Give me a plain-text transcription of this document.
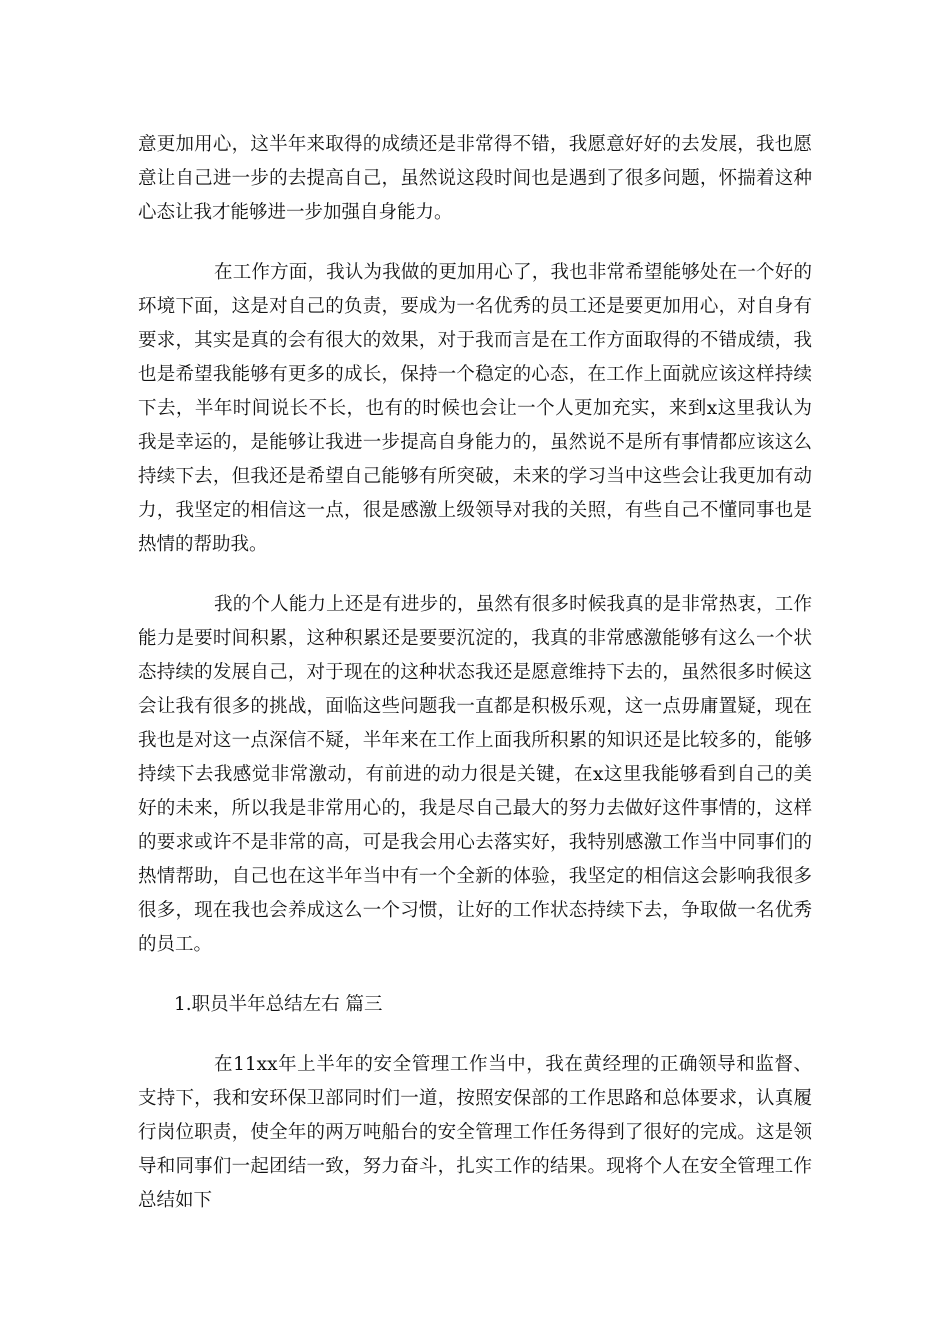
意更加用心，这半年来取得的成绩还是非常得不错，我愿意好好的去发展，我也愿意让自己进一步的去提高自己，虽然说这段时间也是遇到了很多问题，怀揣着这种心态让我才能够进一步加强自身能力。

在工作方面，我认为我做的更加用心了，我也非常希望能够处在一个好的环境下面，这是对自己的负责，要成为一名优秀的员工还是要更加用心，对自身有要求，其实是真的会有很大的效果，对于我而言是在工作方面取得的不错成绩，我也是希望我能够有更多的成长，保持一个稳定的心态，在工作上面就应该这样持续下去，半年时间说长不长，也有的时候也会让一个人更加充实，来到x这里我认为我是幸运的，是能够让我进一步提高自身能力的，虽然说不是所有事情都应该这么持续下去，但我还是希望自己能够有所突破，未来的学习当中这些会让我更加有动力，我坚定的相信这一点，很是感激上级领导对我的关照，有些自己不懂同事也是热情的帮助我。

我的个人能力上还是有进步的，虽然有很多时候我真的是非常热衷，工作能力是要时间积累，这种积累还是要要沉淀的，我真的非常感激能够有这么一个状态持续的发展自己，对于现在的这种状态我还是愿意维持下去的，虽然很多时候这会让我有很多的挑战，面临这些问题我一直都是积极乐观，这一点毋庸置疑，现在我也是对这一点深信不疑，半年来在工作上面我所积累的知识还是比较多的，能够持续下去我感觉非常激动，有前进的动力很是关键，在x这里我能够看到自己的美好的未来，所以我是非常用心的，我是尽自己最大的努力去做好这件事情的，这样的要求或许不是非常的高，可是我会用心去落实好，我特别感激工作当中同事们的热情帮助，自己也在这半年当中有一个全新的体验，我坚定的相信这会影响我很多很多，现在我也会养成这么一个习惯，让好的工作状态持续下去，争取做一名优秀的员工。

1.职员半年总结左右 篇三

在11xx年上半年的安全管理工作当中，我在黄经理的正确领导和监督、支持下，我和安环保卫部同时们一道，按照安保部的工作思路和总体要求，认真履行岗位职责，使全年的两万吨船台的安全管理工作任务得到了很好的完成。这是领导和同事们一起团结一致，努力奋斗，扎实工作的结果。现将个人在安全管理工作总结如下
